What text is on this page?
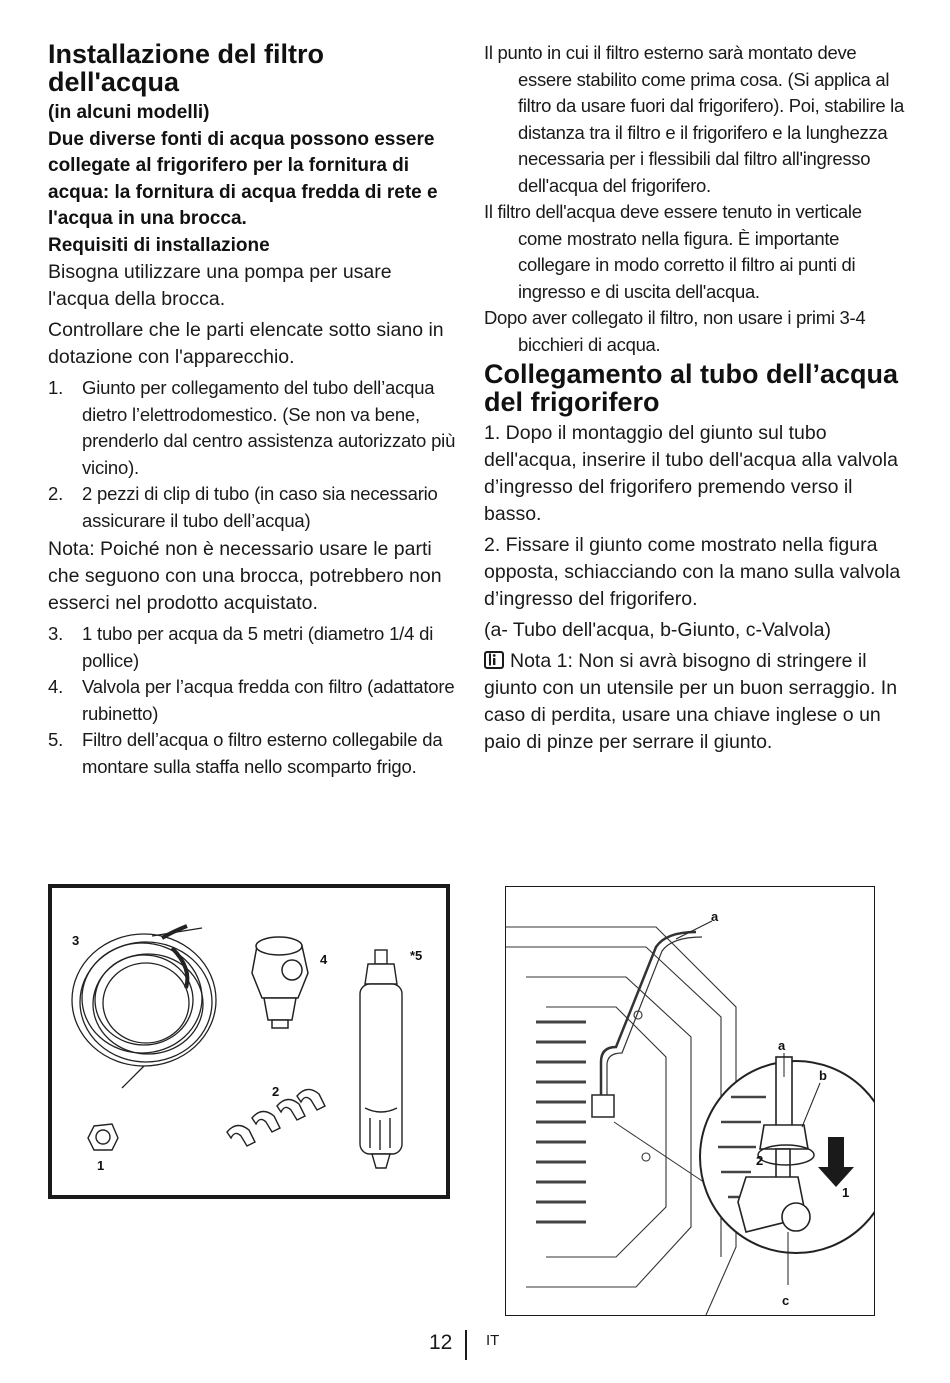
Installazione del filtro dell'acqua

(in alcuni modelli)

Due diverse fonti di acqua possono essere collegate al frigorifero per la fornitura di acqua: la fornitura di acqua fredda di rete e l'acqua in una brocca.

Requisiti di installazione

Bisogna utilizzare una pompa per usare l'acqua della brocca.

Controllare che le parti elencate sotto siano in dotazione con l'apparecchio.

1. Giunto per collegamento del tubo dell’acqua dietro l’elettrodomestico. (Se non va bene, prenderlo dal centro assistenza autorizzato più vicino).
2. 2 pezzi di clip di tubo (in caso sia necessario assicurare il tubo dell’acqua)

Nota: Poiché non è necessario usare le parti che seguono con una brocca, potrebbero non esserci nel prodotto acquistato.

3. 1 tubo per acqua da 5 metri (diametro 1/4 di pollice)
4. Valvola per l’acqua fredda con filtro (adattatore rubinetto)
5. Filtro dell’acqua o filtro esterno collegabile da montare sulla staffa nello scomparto frigo.

Il punto in cui il filtro esterno sarà montato deve essere stabilito come prima cosa. (Si applica al filtro da usare fuori dal frigorifero). Poi, stabilire la distanza tra il filtro e il frigorifero e la lunghezza necessaria per i flessibili dal filtro all'ingresso dell'acqua del frigorifero.

Il filtro dell'acqua deve essere tenuto in verticale come mostrato nella figura. È importante collegare in modo corretto il filtro ai punti di ingresso e di uscita dell'acqua.

Dopo aver collegato il filtro, non usare i primi 3-4 bicchieri di acqua.

Collegamento al tubo dell’acqua del frigorifero

1. Dopo il montaggio del giunto sul tubo dell'acqua, inserire il tubo dell'acqua alla valvola d’ingresso del frigorifero premendo verso il basso.

2. Fissare il giunto come mostrato nella figura opposta, schiacciando con la mano sulla valvola d’ingresso del frigorifero.

(a- Tubo dell'acqua, b-Giunto, c-Valvola)

Nota 1: Non si avrà bisogno di stringere il giunto con un utensile per un buon serraggio. In caso di perdita, usare una chiave inglese o un paio di pinze per serrare il giunto.

3
4	*5
2
1
a
a
b
c
2
1
12 IT
